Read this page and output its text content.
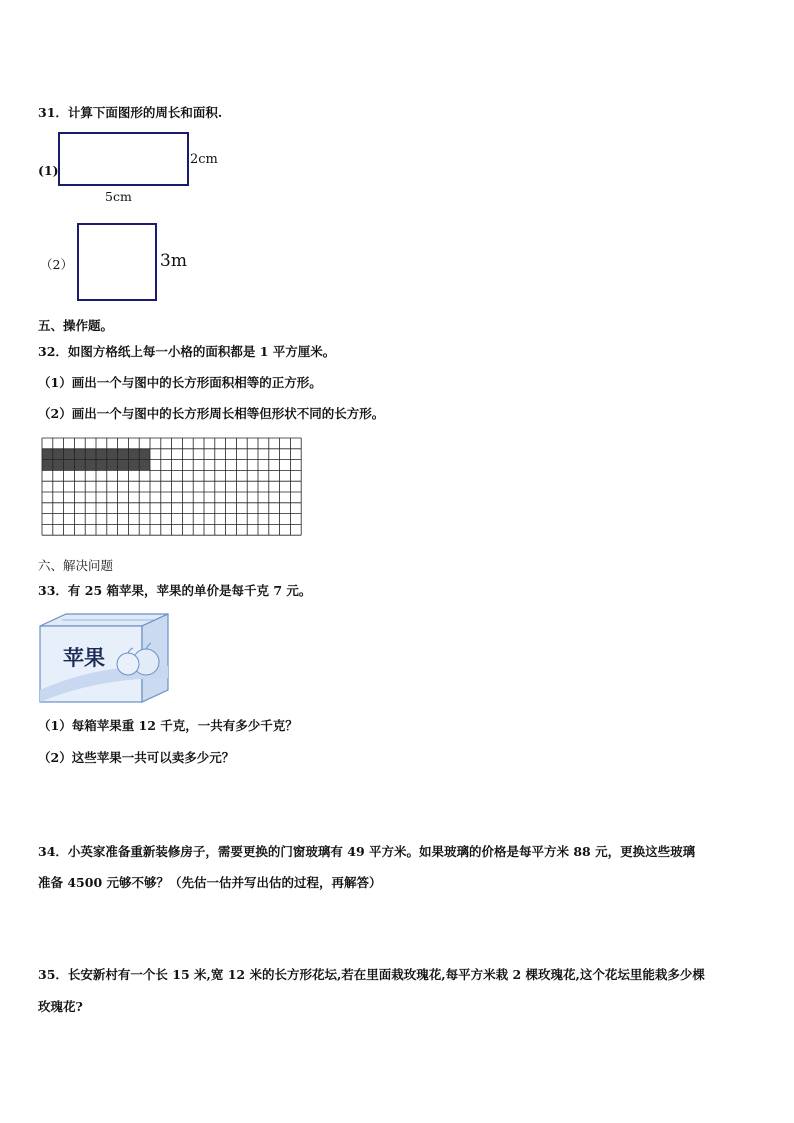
31．计算下面图形的周长和面积.
(1)
2cm
5cm
（2）	3m
五、操作题。
32．如图方格纸上每一小格的面积都是 1 平方厘米。
（1）画出一个与图中的长方形面积相等的正方形。
（2）画出一个与图中的长方形周长相等但形状不同的长方形。
六、解决问题
33．有 25 箱苹果，苹果的单价是每千克 7 元。
苹果
（1）每箱苹果重 12 千克，一共有多少千克？
（2）这些苹果一共可以卖多少元？
34．小英家准备重新装修房子，需要更换的门窗玻璃有 49 平方米。如果玻璃的价格是每平方米 88 元，更换这些玻璃
准备 4500 元够不够？（先估一估并写出估的过程，再解答）
35．长安新村有一个长 15 米,宽 12 米的长方形花坛,若在里面栽玫瑰花,每平方米栽 2 棵玫瑰花,这个花坛里能栽多少棵
玫瑰花?
